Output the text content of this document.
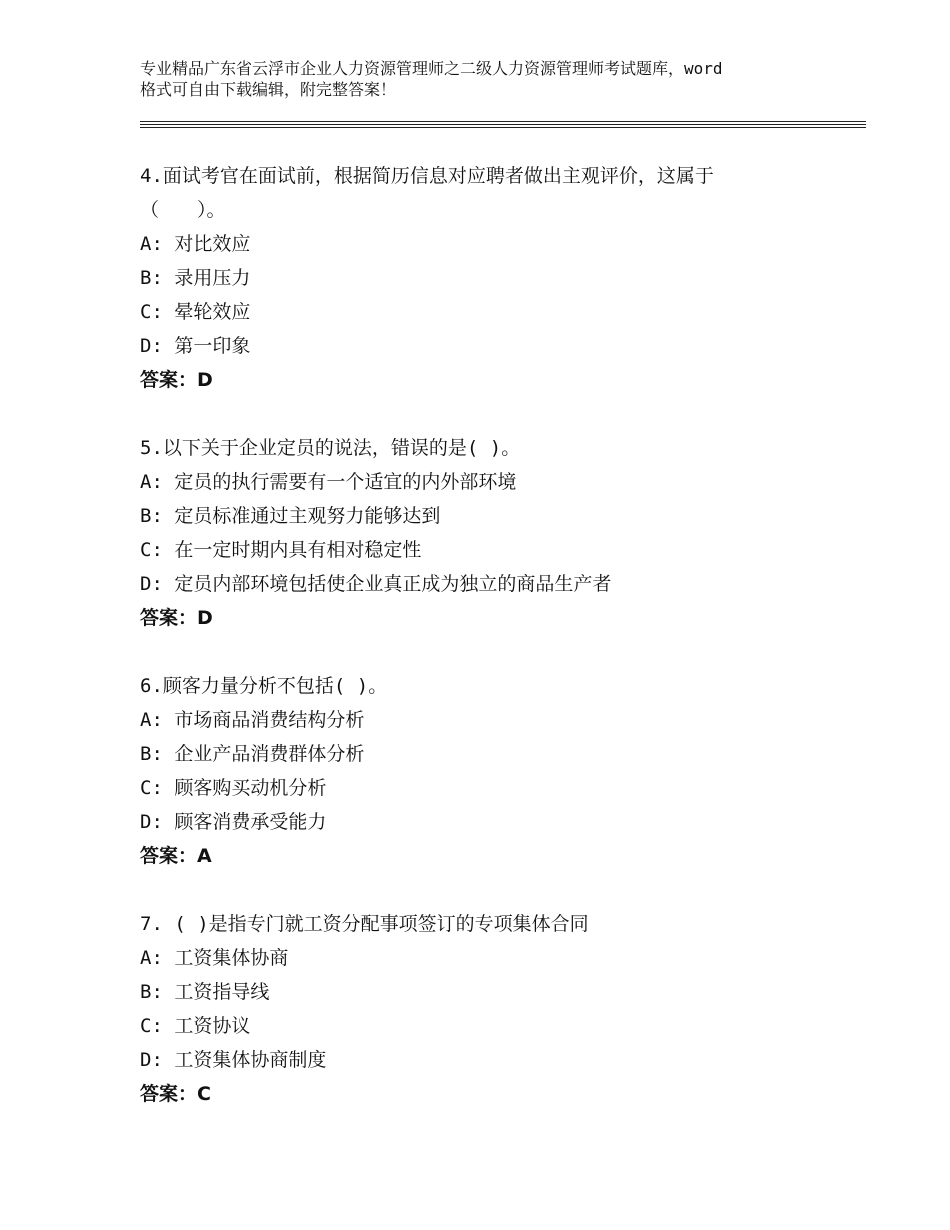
专业精品广东省云浮市企业人力资源管理师之二级人力资源管理师考试题库，word
格式可自由下载编辑，附完整答案！
4.面试考官在面试前，根据简历信息对应聘者做出主观评价，这属于
（　　）。
A: 对比效应
B: 录用压力
C: 晕轮效应
D: 第一印象
答案：D
5.以下关于企业定员的说法，错误的是( )。
A: 定员的执行需要有一个适宜的内外部环境
B: 定员标准通过主观努力能够达到
C: 在一定时期内具有相对稳定性
D: 定员内部环境包括使企业真正成为独立的商品生产者
答案：D
6.顾客力量分析不包括( )。
A: 市场商品消费结构分析
B: 企业产品消费群体分析
C: 顾客购买动机分析
D: 顾客消费承受能力
答案：A
7. ( )是指专门就工资分配事项签订的专项集体合同
A: 工资集体协商
B: 工资指导线
C: 工资协议
D: 工资集体协商制度
答案：C
